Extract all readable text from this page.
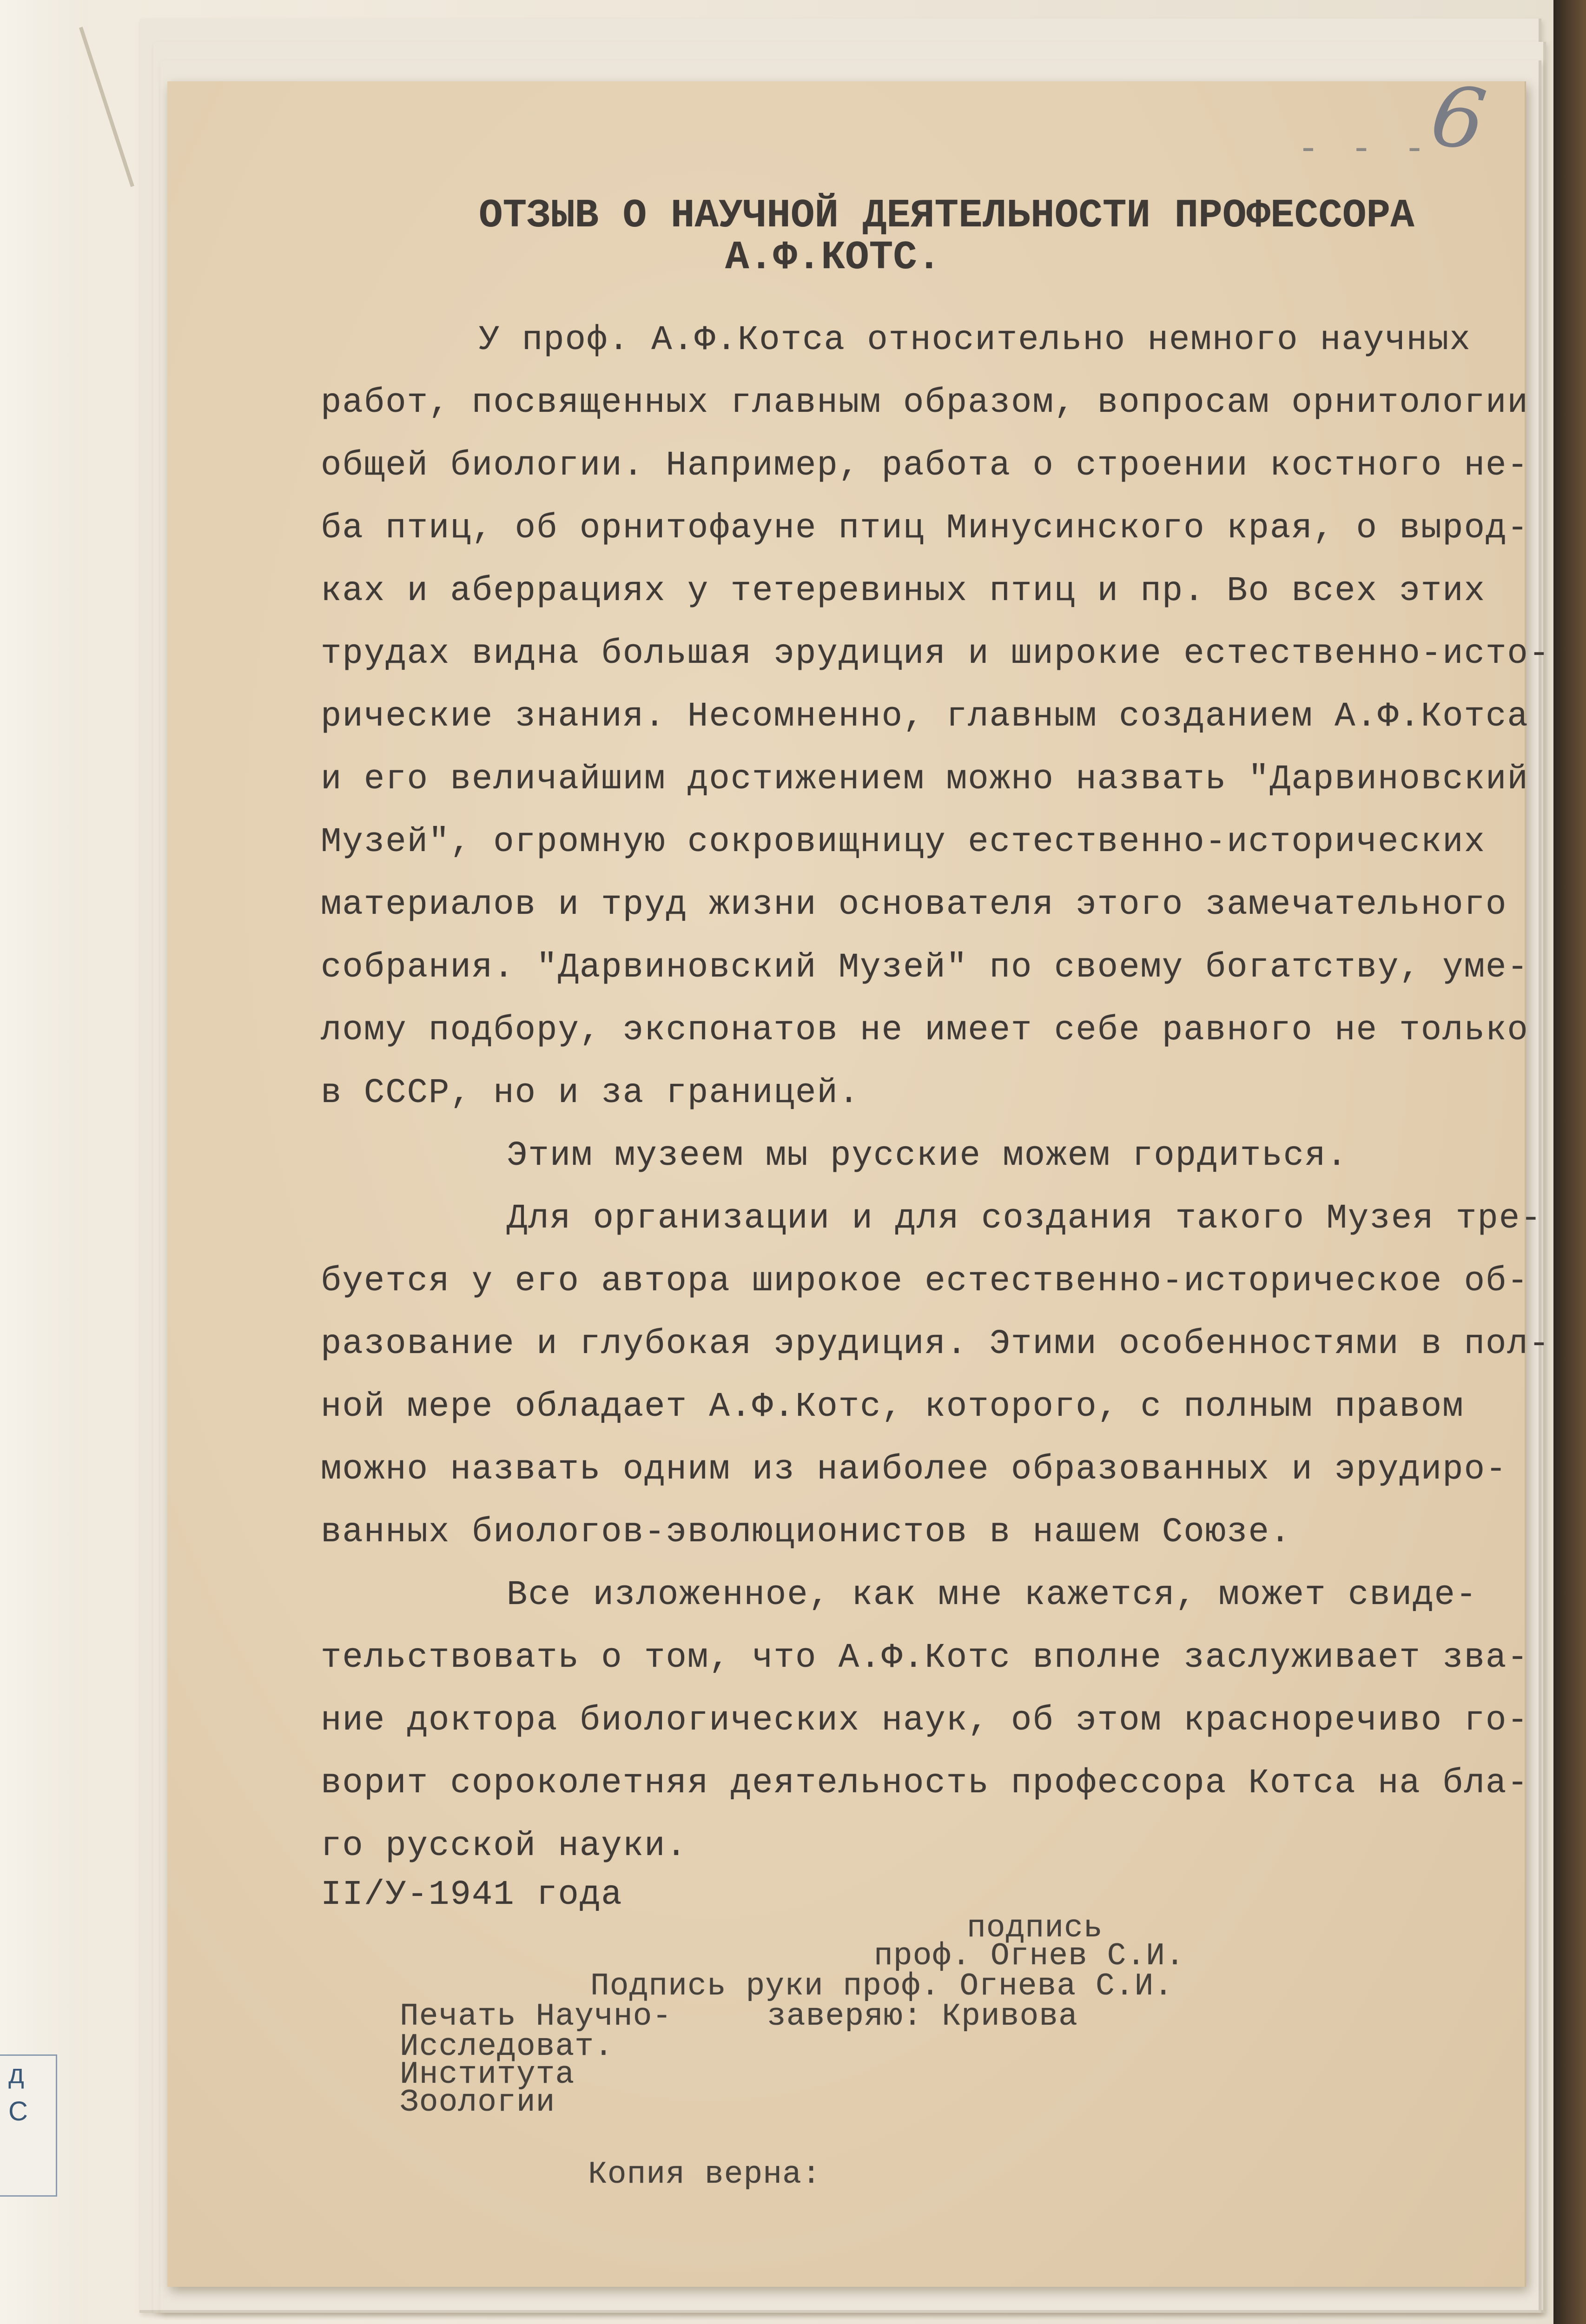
д
С
- - -
6
ОТЗЫВ О НАУЧНОЙ ДЕЯТЕЛЬНОСТИ ПРОФЕССОРА
А.Ф.КОТС.
У проф. А.Ф.Котса относительно немного научных
работ, посвященных главным образом, вопросам орнитологии
общей биологии. Например, работа о строении костного не-
ба птиц, об орнитофауне птиц Минусинского края, о вырод-
ках и аберрациях у тетеревиных птиц и пр. Во всех этих
трудах видна большая эрудиция и широкие естественно-исто-
рические знания. Несомненно, главным созданием А.Ф.Котса
и его величайшим достижением можно назвать "Дарвиновский
Музей", огромную сокровищницу естественно-исторических
материалов и труд жизни основателя этого замечательного
собрания. "Дарвиновский Музей" по своему богатству, уме-
лому подбору, экспонатов не имеет себе равного не только
в СССР, но и за границей.
Этим музеем мы русские можем гордиться.
Для организации и для создания такого Музея тре-
буется у его автора широкое естественно-историческое об-
разование и глубокая эрудиция. Этими особенностями в пол-
ной мере обладает А.Ф.Котс, которого, с полным правом
можно назвать одним из наиболее образованных и эрудиро-
ванных биологов-эволюционистов в нашем Союзе.
Все изложенное, как мне кажется, может свиде-
тельствовать о том, что А.Ф.Котс вполне заслуживает зва-
ние доктора биологических наук, об этом красноречиво го-
ворит сороколетняя деятельность профессора Котса на бла-
го русской науки.
II/У-1941 года
подпись
проф. Огнев С.И.
Подпись руки проф. Огнева С.И.
Печать Научно-	заверяю: Кривова
Исследоват.
Института
Зоологии
Копия верна:
